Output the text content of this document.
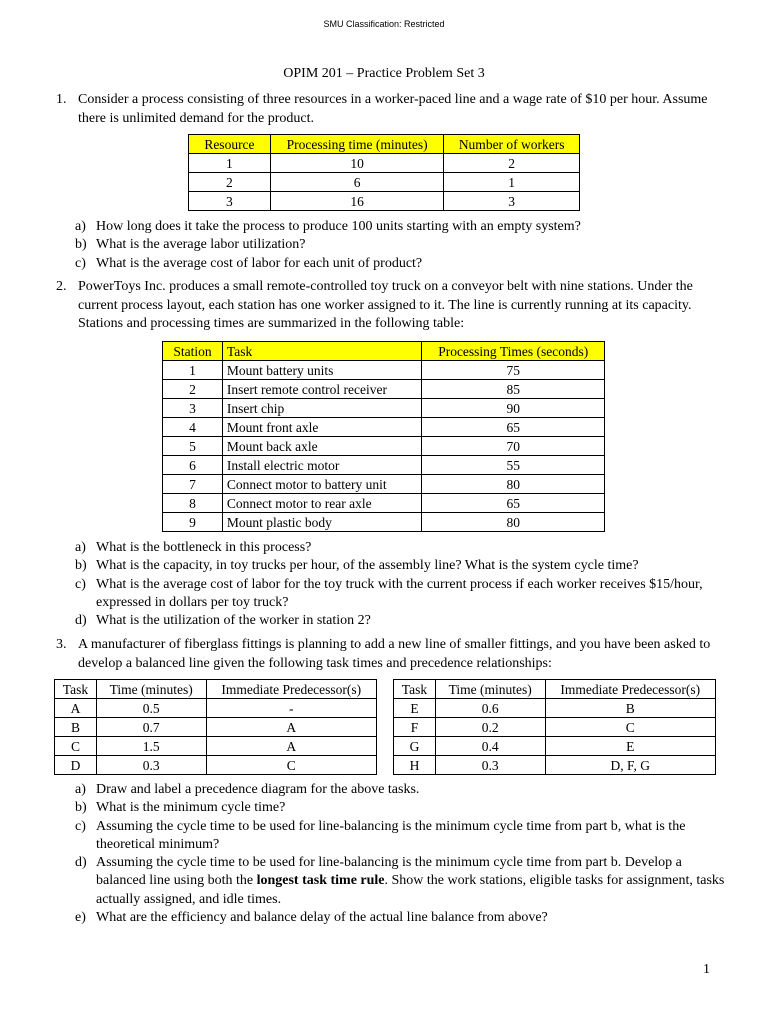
SMU Classification: Restricted
OPIM 201 – Practice Problem Set 3
1. Consider a process consisting of three resources in a worker-paced line and a wage rate of $10 per hour. Assume there is unlimited demand for the product.
Resource	Processing time (minutes)	Number of workers
1	10	2
2	6	1
3	16	3
a) How long does it take the process to produce 100 units starting with an empty system?
b) What is the average labor utilization?
c) What is the average cost of labor for each unit of product?
2. PowerToys Inc. produces a small remote-controlled toy truck on a conveyor belt with nine stations. Under the current process layout, each station has one worker assigned to it. The line is currently running at its capacity. Stations and processing times are summarized in the following table:
Station	Task	Processing Times (seconds)
1	Mount battery units	75
2	Insert remote control receiver	85
3	Insert chip	90
4	Mount front axle	65
5	Mount back axle	70
6	Install electric motor	55
7	Connect motor to battery unit	80
8	Connect motor to rear axle	65
9	Mount plastic body	80
a) What is the bottleneck in this process?
b) What is the capacity, in toy trucks per hour, of the assembly line? What is the system cycle time?
c) What is the average cost of labor for the toy truck with the current process if each worker receives $15/hour, expressed in dollars per toy truck?
d) What is the utilization of the worker in station 2?
3. A manufacturer of fiberglass fittings is planning to add a new line of smaller fittings, and you have been asked to develop a balanced line given the following task times and precedence relationships:
Task	Time (minutes)	Immediate Predecessor(s)
A	0.5	-
B	0.7	A
C	1.5	A
D	0.3	C
Task	Time (minutes)	Immediate Predecessor(s)
E	0.6	B
F	0.2	C
G	0.4	E
H	0.3	D, F, G
a) Draw and label a precedence diagram for the above tasks.
b) What is the minimum cycle time?
c) Assuming the cycle time to be used for line-balancing is the minimum cycle time from part b, what is the theoretical minimum?
d) Assuming the cycle time to be used for line-balancing is the minimum cycle time from part b. Develop a balanced line using both the longest task time rule. Show the work stations, eligible tasks for assignment, tasks actually assigned, and idle times.
e) What are the efficiency and balance delay of the actual line balance from above?
1
